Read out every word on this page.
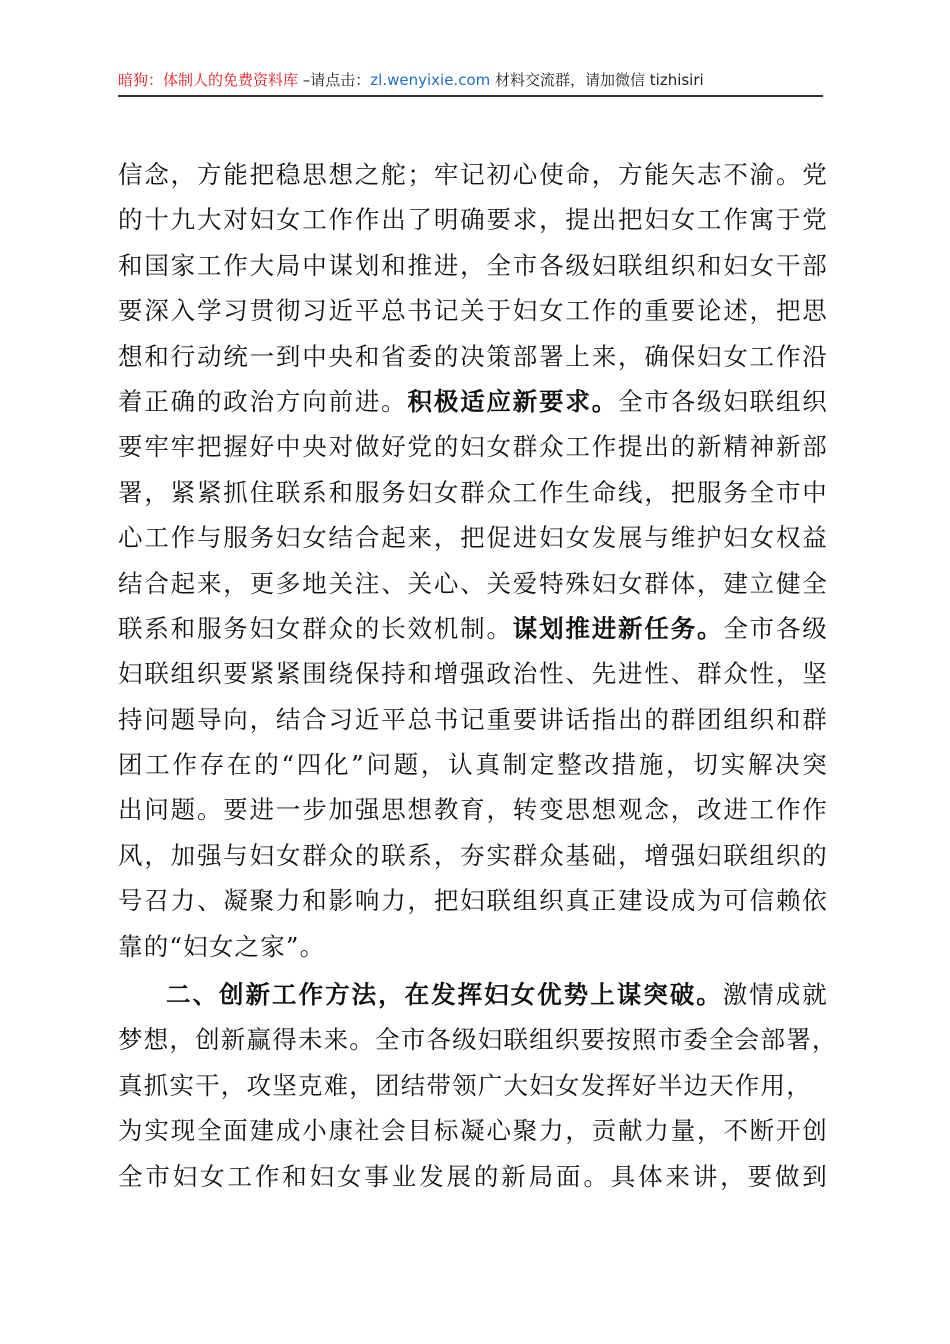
暗狗：体制人的免费资料库 –请点击：zl.wenyixie.com 材料交流群，请加微信 tizhisiri
信念，方能把稳思想之舵；牢记初心使命，方能矢志不渝。党
的十九大对妇女工作作出了明确要求，提出把妇女工作寓于党
和国家工作大局中谋划和推进，全市各级妇联组织和妇女干部
要深入学习贯彻习近平总书记关于妇女工作的重要论述，把思
想和行动统一到中央和省委的决策部署上来，确保妇女工作沿
着正确的政治方向前进。积极适应新要求。全市各级妇联组织
要牢牢把握好中央对做好党的妇女群众工作提出的新精神新部
署，紧紧抓住联系和服务妇女群众工作生命线，把服务全市中
心工作与服务妇女结合起来，把促进妇女发展与维护妇女权益
结合起来，更多地关注、关心、关爱特殊妇女群体，建立健全
联系和服务妇女群众的长效机制。谋划推进新任务。全市各级
妇联组织要紧紧围绕保持和增强政治性、先进性、群众性，坚
持问题导向，结合习近平总书记重要讲话指出的群团组织和群
团工作存在的“四化”问题，认真制定整改措施，切实解决突
出问题。要进一步加强思想教育，转变思想观念，改进工作作
风，加强与妇女群众的联系，夯实群众基础，增强妇联组织的
号召力、凝聚力和影响力，把妇联组织真正建设成为可信赖依
靠的“妇女之家”。
二、创新工作方法，在发挥妇女优势上谋突破。激情成就
梦想，创新赢得未来。全市各级妇联组织要按照市委全会部署，
真抓实干，攻坚克难，团结带领广大妇女发挥好半边天作用，
为实现全面建成小康社会目标凝心聚力，贡献力量，不断开创
全市妇女工作和妇女事业发展的新局面。具体来讲，要做到
